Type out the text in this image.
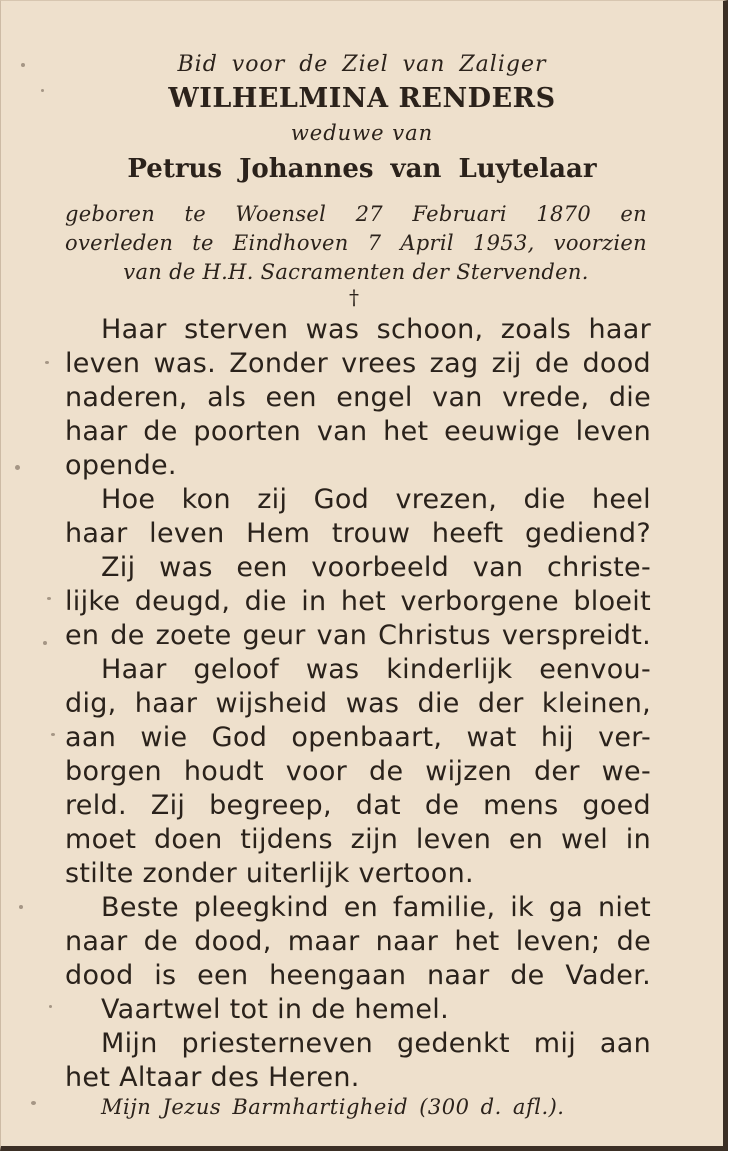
Bid voor de Ziel van Zaliger
WILHELMINA RENDERS
weduwe van
Petrus Johannes van Luytelaar
geboren te Woensel 27 Februari 1870 en
overleden te Eindhoven 7 April 1953, voorzien
van de H.H. Sacramenten der Stervenden.
†
Haar sterven was schoon, zoals haar
leven was. Zonder vrees zag zij de dood
naderen, als een engel van vrede, die
haar de poorten van het eeuwige leven
opende.
Hoe kon zij God vrezen, die heel
haar leven Hem trouw heeft gediend?
Zij was een voorbeeld van christe-
lijke deugd, die in het verborgene bloeit
en de zoete geur van Christus verspreidt.
Haar geloof was kinderlijk eenvou-
dig, haar wijsheid was die der kleinen,
aan wie God openbaart, wat hij ver-
borgen houdt voor de wijzen der we-
reld. Zij begreep, dat de mens goed
moet doen tijdens zijn leven en wel in
stilte zonder uiterlijk vertoon.
Beste pleegkind en familie, ik ga niet
naar de dood, maar naar het leven; de
dood is een heengaan naar de Vader.
Vaartwel tot in de hemel.
Mijn priesterneven gedenkt mij aan
het Altaar des Heren.
Mijn Jezus Barmhartigheid (300 d. afl.).
